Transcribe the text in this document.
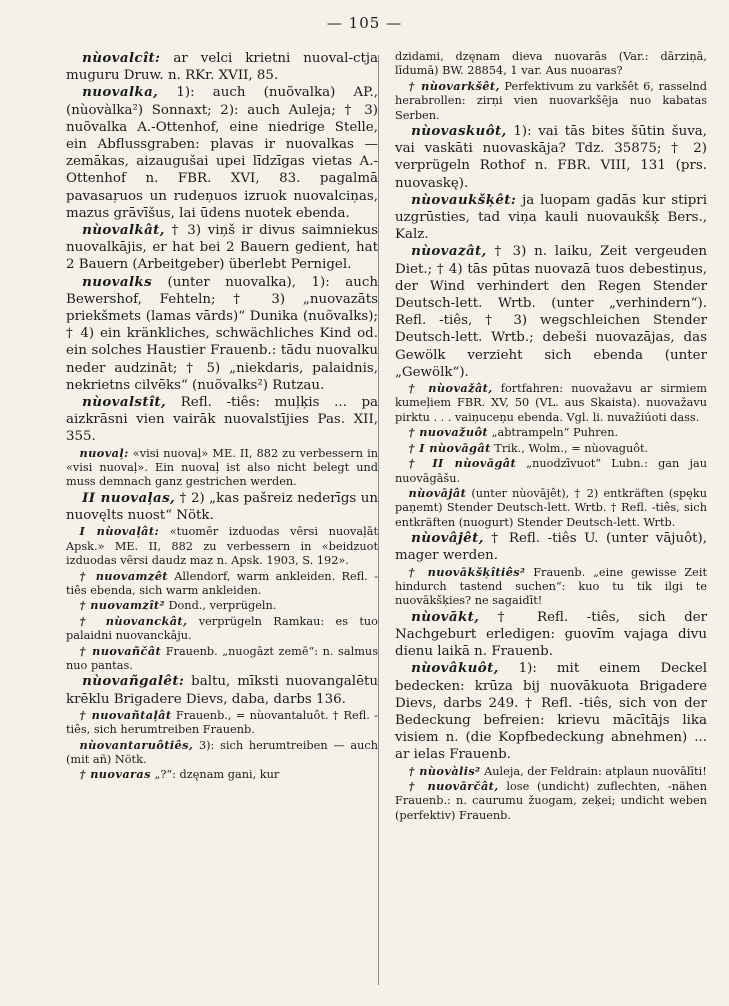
— 105 —

nùovalcît: ar velci krietni nuoval-ctja muguru Druw. n. RKr. XVII, 85.

nuovalka, 1): auch (nuõvalka) AP., (nùovàlka²) Sonnaxt; 2): auch Auleja; † 3) nuõvalka A.-Ottenhof, eine niedrige Stelle, ein Abflussgraben: plavas ir nuovalkas — zemākas, aizaugušai upei līdzīgas vietas A.-Ottenhof n. FBR. XVI, 83. pagalmā pavasaŗuos un rudeņuos izruok nuovalciņas, mazus grāvīšus, lai ūdens nuotek ebenda.

nùovalkât, † 3) viņš ir divus saimniekus nuovalkājis, er hat bei 2 Bauern gedient, hat 2 Bauern (Arbeitgeber) überlebt Pernigel.

nuovalks (unter nuovalka), 1): auch Bewershof, Fehteln; † 3) „nuovazāts priekšmets (lamas vārds)“ Dunika (nuõvalks); † 4) ein kränkliches, schwächliches Kind od. ein solches Haustier Frauenb.: tādu nuovalku neder audzināt; † 5) „niekdaris, palaidnis, nekrietns cilvēks“ (nuõvalks²) Rutzau.

nùovalstît, Refl. -tiês: muļķis ... pa aizkrāsni vien vairāk nuovalstījies Pas. XII, 355.

nuovaļ: «visi nuovaļ» ME. II, 882 zu verbessern in «visi nuovaļ». Ein nuovaļ ist also nicht belegt und muss demnach ganz gestrichen werden.

II nuovaļas, † 2) „kas pašreiz nederīgs un nuovęlts nuost“ Nötk.

I nùovaļât: «tuomēr izduodas vērsi nuovaļāt Apsk.» ME. II, 882 zu verbessern in «beidzuot izduodas vērsi daudz maz n. Apsk. 1903, S. 192».

† nuovamzêt Allendorf, warm ankleiden. Refl. -tiês ebenda, sich warm ankleiden.

† nuovamzît² Dond., verprügeln.

† nùovanckât, verprügeln Ramkau: es tuo palaidni nuovanckāju.

† nuovañčât Frauenb. „nuogāzt zemē“: n. salmus nuo pantas.

nùovañgalêt: baltu, mīksti nuovangalētu krēklu Brigadere Dievs, daba, darbs 136.

† nuovañtaļât Frauenb., = nùovantaluôt. † Refl. -tiês, sich herumtreiben Frauenb.

nùovantaruôtiês, 3): sich herumtreiben — auch (mit añ) Nötk.

† nuovaras „?“: dzęnam gani, kur

dzidami, dzęnam dieva nuovarās (Var.: dārziņā, līdumā) BW. 28854, 1 var. Aus nuoaras?

† nùovarkšêt, Perfektivum zu varkšêt 6, rasselnd herabrollen: zirņi vien nuovarkšēja nuo kabatas Serben.

nùovaskuôt, 1): vai tās bites šūtin šuva, vai vaskāti nuovaskāja? Tdz. 35875; † 2) verprügeln Rothof n. FBR. VIII, 131 (prs. nuovaskę).

nùovaukšķêt: ja luopam gadās kur stipri uzgrūsties, tad viņa kauli nuovaukšķ Bers., Kalz.

nùovazât, † 3) n. laiku, Zeit vergeuden Diet.; † 4) tās pūtas nuovazā tuos debestiņus, der Wind verhindert den Regen Stender Deutsch-lett. Wrtb. (unter „verhindern“). Refl. -tiês, † 3) wegschleichen Stender Deutsch-lett. Wrtb.; debeši nuovazājas, das Gewölk verzieht sich ebenda (unter „Gewölk“).

† nùovažât, fortfahren: nuovažavu ar sirmiem kumeļiem FBR. XV, 50 (VL. aus Skaista). nuovažavu pirktu . . . vaiņuceņu ebenda. Vgl. li. nuvažiúoti dass.

† nuovažuôt „abtrampeln“ Puhren.

† I nùovāgât Trik., Wolm., = nùovaguôt.

† II nùovāgât „nuodzīvuot“ Lubn.: gan jau nuovāgāšu.

nùovājât (unter nùovājêt), † 2) entkräften (spęku paņemt) Stender Deutsch-lett. Wrtb. † Refl. -tiês, sich entkräften (nuogurt) Stender Deutsch-lett. Wrtb.

nùovâjêt, † Refl. -tiês U. (unter vājuôt), mager werden.

† nuovākšķîtiês² Frauenb. „eine gewisse Zeit hindurch tastend suchen“: kuo tu tik ilgi te nuovākšķies? ne sagaidīt!

nùovākt, † Refl. -tiês, sich der Nachgeburt erledigen: guovīm vajaga divu dienu laikā n. Frauenb.

nùovâkuôt, 1): mit einem Deckel bedecken: krūza bij nuovākuota Brigadere Dievs, darbs 249. † Refl. -tiês, sich von der Bedeckung befreien: krievu mācītājs lika visiem n. (die Kopfbedeckung abnehmen) ... ar ielas Frauenb.

† nùovàlis² Auleja, der Feldrain: atplaun nuovālīti!

† nuovārčât, lose (undicht) zuflechten, -nähen Frauenb.: n. caurumu žuogam, zeķei; undicht weben (perfektiv) Frauenb.
